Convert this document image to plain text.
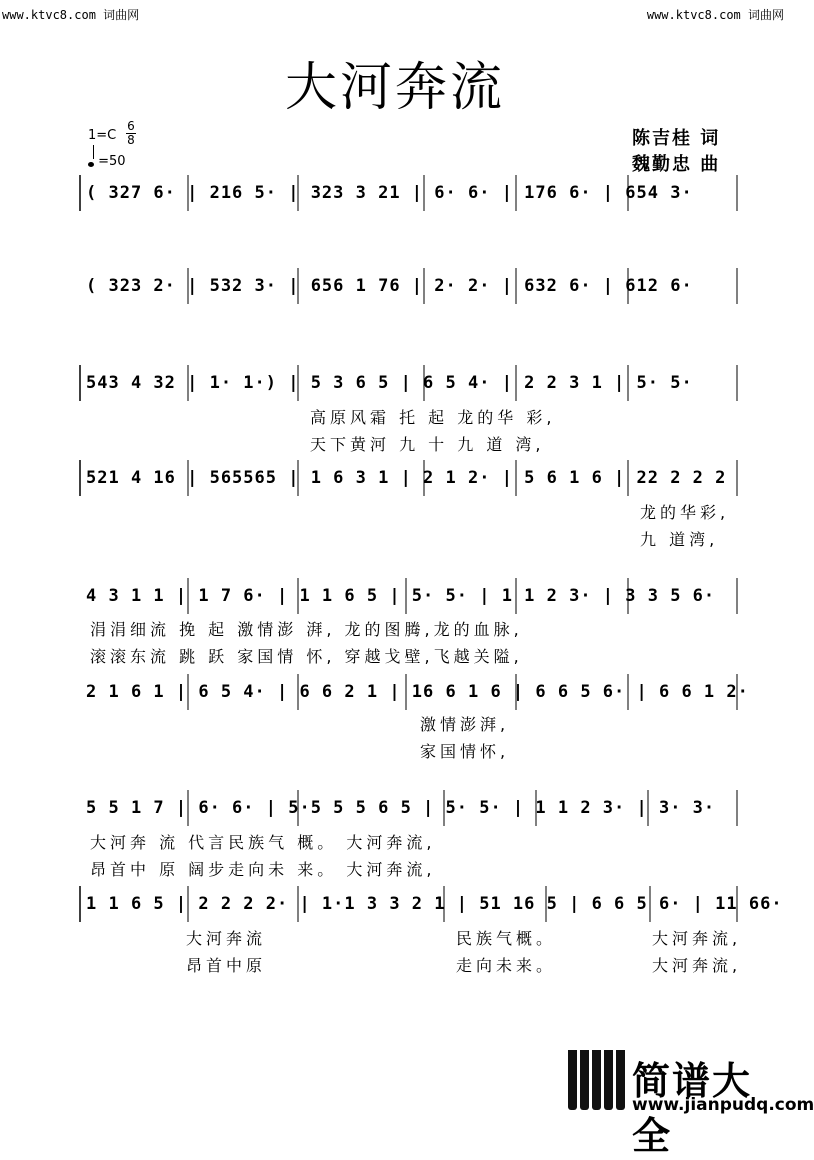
www.ktvc8.com 词曲网	www.ktvc8.com 词曲网
大河奔流
1=C
6
8
=50
陈吉桂 词
魏勤忠 曲
( 327 6· | 216 5· | 323 3 21 | 6· 6· | 176 6· | 654 3·
( 323 2· | 532 3· | 656 1 76 | 2· 2· | 632 6· | 612 6·
543 4 32 | 1· 1·) | 5 3 6 5 | 6 5 4· | 2 2 3 1 | 5· 5·
高原风霜 托 起 龙的华 彩,
天下黄河 九 十 九 道 湾,
521 4 16 | 565565 | 1 6 3 1 | 2 1 2· | 5 6 1 6 | 22 2 2 2
龙的华彩,
九 道湾,
4 3 1 1 | 1 7 6· | 1 1 6 5 | 5· 5· | 1 1 2 3· | 3 3 5 6·
涓涓细流 挽 起 激情澎 湃, 龙的图腾,龙的血脉,
滚滚东流 跳 跃 家国情 怀, 穿越戈壁,飞越关隘,
2 1 6 1 | 6 5 4· | 6 6 2 1 | 16 6 1 6 | 6 6 5 6· | 6 6 1 2·
激情澎湃,
家国情怀,
5 5 1 7 | 6· 6· | 5·5 5 5 6 5 | 5· 5· | 1 1 2 3· | 3· 3·
大河奔 流 代言民族气 概。 大河奔流,
昂首中 原 阔步走向未 来。 大河奔流,
1 1 6 5 | 2 2 2 2· | 1·1 3 3 2 1 | 51 16 5 | 6 6 5 6· | 11 66·
大河奔流	民族气概。	大河奔流,
昂首中原	走向未来。	大河奔流,
简谱大全
www.jianpudq.com
